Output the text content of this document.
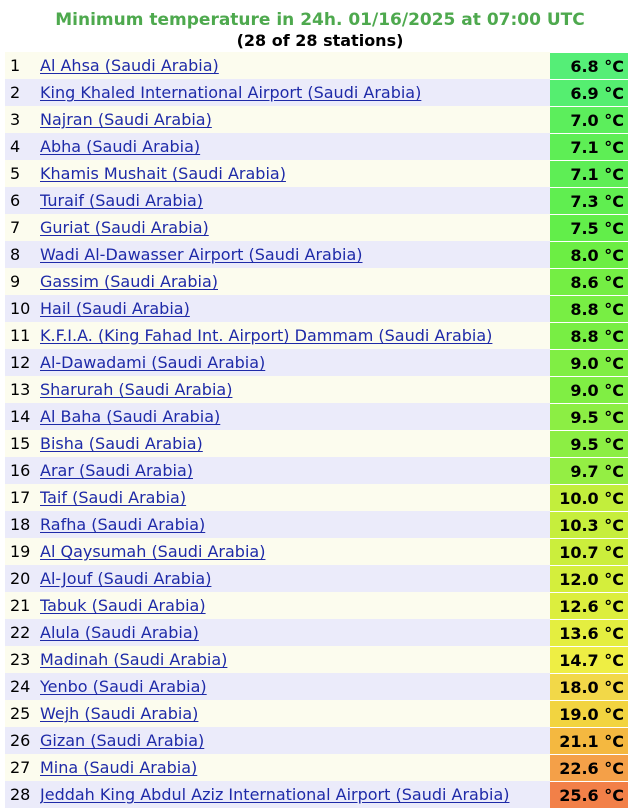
Minimum temperature in 24h. 01/16/2025 at 07:00 UTC
(28 of 28 stations)
1	Al Ahsa (Saudi Arabia)	6.8 °C
2	King Khaled International Airport (Saudi Arabia)	6.9 °C
3	Najran (Saudi Arabia)	7.0 °C
4	Abha (Saudi Arabia)	7.1 °C
5	Khamis Mushait (Saudi Arabia)	7.1 °C
6	Turaif (Saudi Arabia)	7.3 °C
7	Guriat (Saudi Arabia)	7.5 °C
8	Wadi Al-Dawasser Airport (Saudi Arabia)	8.0 °C
9	Gassim (Saudi Arabia)	8.6 °C
10	Hail (Saudi Arabia)	8.8 °C
11	K.F.I.A. (King Fahad Int. Airport) Dammam (Saudi Arabia)	8.8 °C
12	Al-Dawadami (Saudi Arabia)	9.0 °C
13	Sharurah (Saudi Arabia)	9.0 °C
14	Al Baha (Saudi Arabia)	9.5 °C
15	Bisha (Saudi Arabia)	9.5 °C
16	Arar (Saudi Arabia)	9.7 °C
17	Taif (Saudi Arabia)	10.0 °C
18	Rafha (Saudi Arabia)	10.3 °C
19	Al Qaysumah (Saudi Arabia)	10.7 °C
20	Al-Jouf (Saudi Arabia)	12.0 °C
21	Tabuk (Saudi Arabia)	12.6 °C
22	Alula (Saudi Arabia)	13.6 °C
23	Madinah (Saudi Arabia)	14.7 °C
24	Yenbo (Saudi Arabia)	18.0 °C
25	Wejh (Saudi Arabia)	19.0 °C
26	Gizan (Saudi Arabia)	21.1 °C
27	Mina (Saudi Arabia)	22.6 °C
28	Jeddah King Abdul Aziz International Airport (Saudi Arabia)	25.6 °C
